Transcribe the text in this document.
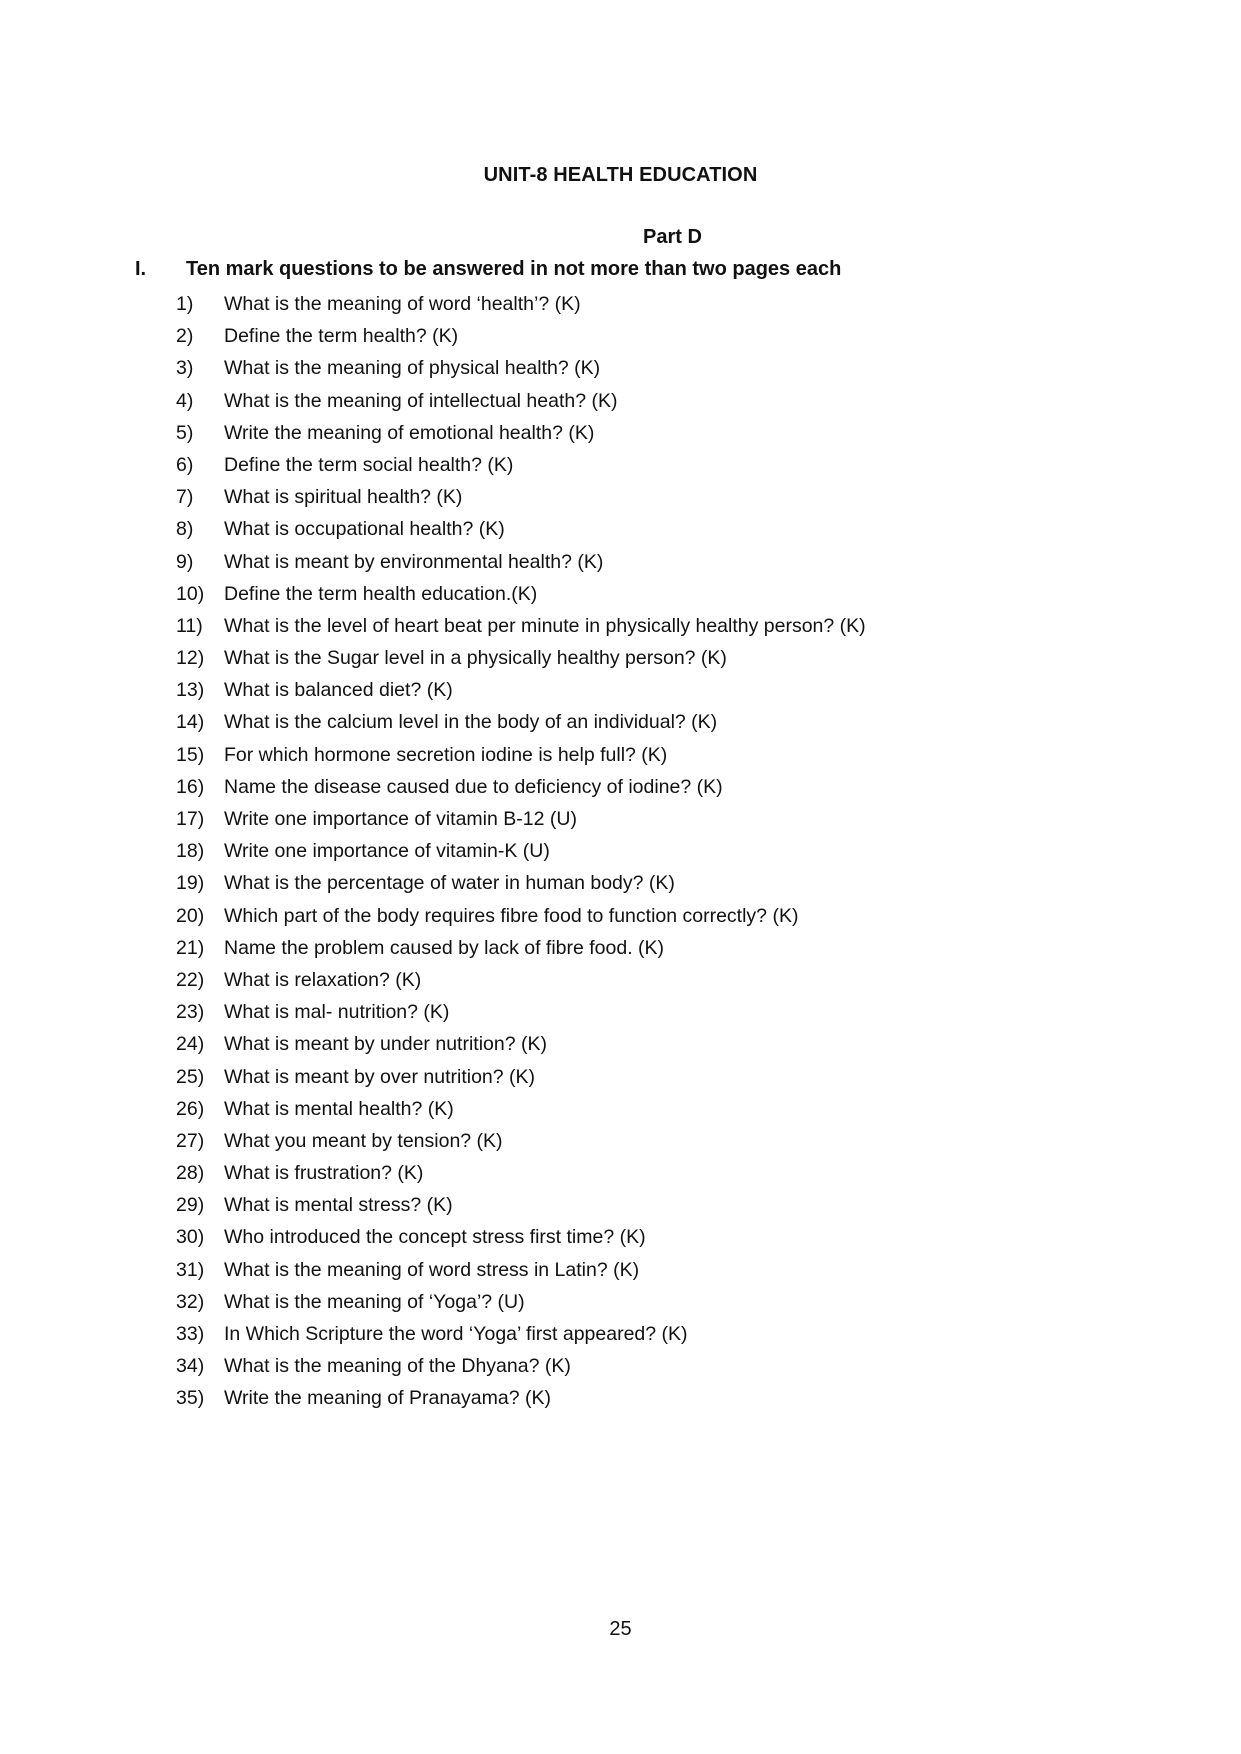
UNIT-8 HEALTH EDUCATION
Part D
I. Ten mark questions to be answered in not more than two pages each
1)	What is the meaning of word ‘health’? (K)
2)	Define the term health? (K)
3)	What is the meaning of physical health? (K)
4)	What is the meaning of intellectual heath? (K)
5)	Write the meaning of emotional health? (K)
6)	Define the term social health? (K)
7)	What is spiritual health? (K)
8)	What is occupational health? (K)
9)	What is meant by environmental health? (K)
10)	Define the term health education.(K)
11)	What is the level of heart beat per minute in physically healthy person? (K)
12)	What is the Sugar level in a physically healthy person? (K)
13)	What is balanced diet? (K)
14)	What is the calcium level in the body of an individual? (K)
15)	For which hormone secretion iodine is help full? (K)
16)	Name the disease caused due to deficiency of iodine? (K)
17)	Write one importance of vitamin B-12 (U)
18)	Write one importance of vitamin-K (U)
19)	What is the percentage of water in human body? (K)
20)	Which part of the body requires fibre food to function correctly? (K)
21)	Name the problem caused by lack of fibre food. (K)
22)	What is relaxation? (K)
23)	What is mal- nutrition? (K)
24)	What is meant by under nutrition? (K)
25)	What is meant by over nutrition? (K)
26)	What is mental health? (K)
27)	What you meant by tension? (K)
28)	What is frustration? (K)
29)	What is mental stress? (K)
30)	Who introduced the concept stress first time? (K)
31)	What is the meaning of word stress in Latin? (K)
32)	What is the meaning of ‘Yoga’? (U)
33)	In Which Scripture the word ‘Yoga’ first appeared? (K)
34)	What is the meaning of the Dhyana? (K)
35)	Write the meaning of Pranayama? (K)
25
